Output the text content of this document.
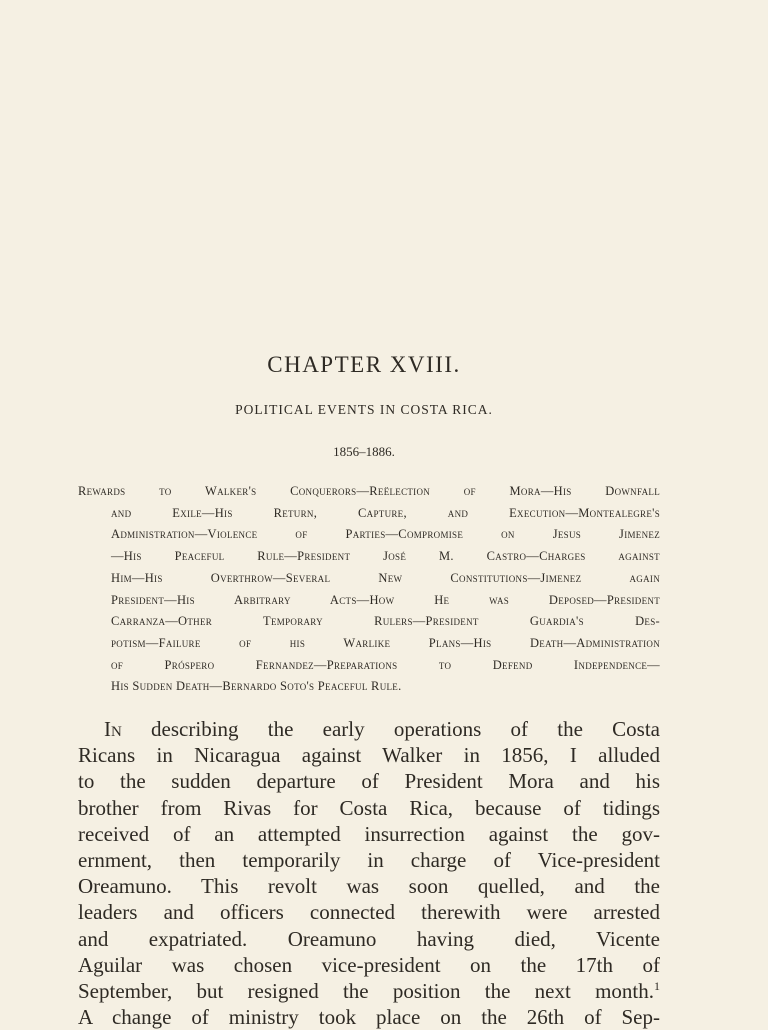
CHAPTER XVIII.

POLITICAL EVENTS IN COSTA RICA.

1856–1886.

Rewards to Walker's Conquerors—Reëlection of Mora—His Downfall
and Exile—His Return, Capture, and Execution—Montealegre's
Administration—Violence of Parties—Compromise on Jesus Jimenez
—His Peaceful Rule—President José M. Castro—Charges against
Him—His Overthrow—Several New Constitutions—Jimenez again
President—His Arbitrary Acts—How He was Deposed—President
Carranza—Other Temporary Rulers—President Guardia's Des-
potism—Failure of his Warlike Plans—His Death—Administration
of Próspero Fernandez—Preparations to Defend Independence—
His Sudden Death—Bernardo Soto's Peaceful Rule.
In describing the early operations of the Costa
Ricans in Nicaragua against Walker in 1856, I alluded
to the sudden departure of President Mora and his
brother from Rivas for Costa Rica, because of tidings
received of an attempted insurrection against the gov-
ernment, then temporarily in charge of Vice-president
Oreamuno. This revolt was soon quelled, and the
leaders and officers connected therewith were arrested
and expatriated. Oreamuno having died, Vicente
Aguilar was chosen vice-president on the 17th of
September, but resigned the position the next month.$^1$
A change of ministry took place on the 26th of Sep-
